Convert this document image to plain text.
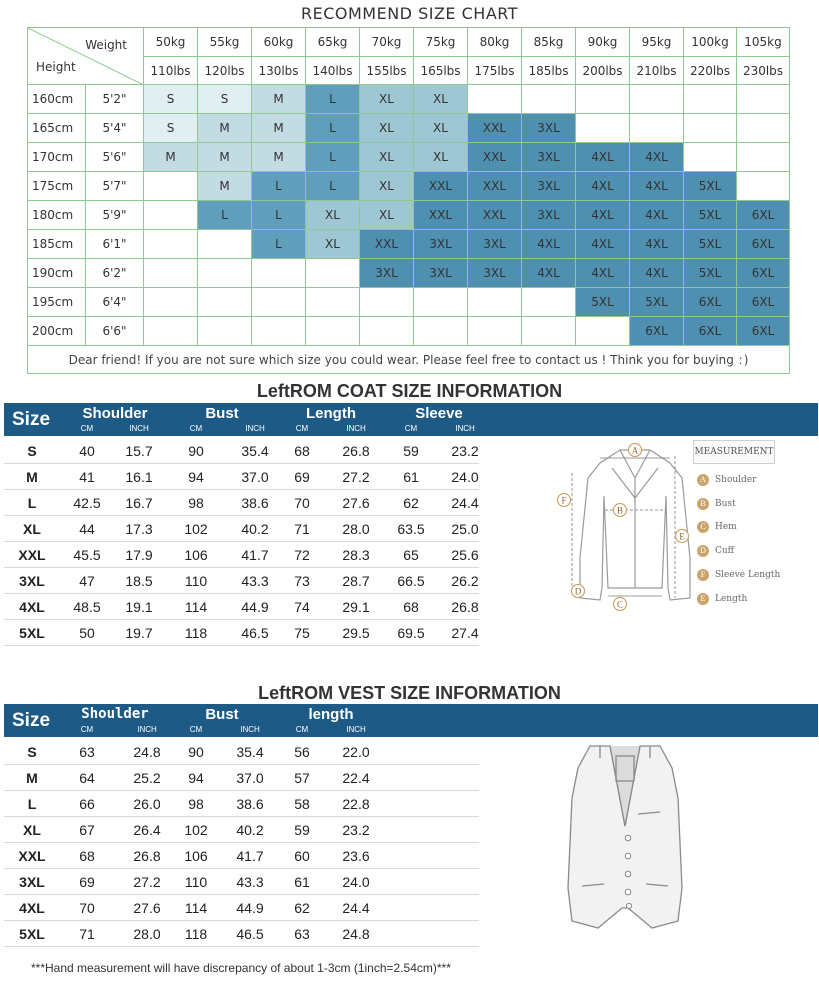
RECOMMEND SIZE CHART
Weight
Height		50kg	55kg	60kg	65kg	70kg	75kg	80kg	85kg	90kg	95kg	100kg	105kg
		110lbs	120lbs	130lbs	140lbs	155lbs	165lbs	175lbs	185lbs	200lbs	210lbs	220lbs	230lbs
160cm	5'2"	S	S	M	L	XL	XL						
165cm	5'4"	S	M	M	L	XL	XL	XXL	3XL				
170cm	5'6"	M	M	M	L	XL	XL	XXL	3XL	4XL	4XL		
175cm	5'7"		M	L	L	XL	XXL	XXL	3XL	4XL	4XL	5XL	
180cm	5'9"		L	L	XL	XL	XXL	XXL	3XL	4XL	4XL	5XL	6XL
185cm	6'1"			L	XL	XXL	3XL	3XL	4XL	4XL	4XL	5XL	6XL
190cm	6'2"					3XL	3XL	3XL	4XL	4XL	4XL	5XL	6XL
195cm	6'4"									5XL	5XL	6XL	6XL
200cm	6'6"										6XL	6XL	6XL
Dear friend! If you are not sure which size you could wear. Please feel free to contact us ! Think you for buying ：)													
LeftROM COAT SIZE INFORMATION
Size	Shoulder
CM	INCH
Bust
CM	INCH
Length
CM	INCH
Sleeve
CM	INCH
S	40	15.7	90	35.4	68	26.8	59	23.2
M	41	16.1	94	37.0	69	27.2	61	24.0
L	42.5	16.7	98	38.6	70	27.6	62	24.4
XL	44	17.3	102	40.2	71	28.0	63.5	25.0
XXL	45.5	17.9	106	41.7	72	28.3	65	25.6
3XL	47	18.5	110	43.3	73	28.7	66.5	26.2
4XL	48.5	19.1	114	44.9	74	29.1	68	26.8
5XL	50	19.7	118	46.5	75	29.5	69.5	27.4
A
B
C
D
E
F
MEASUREMENT
A Shoulder
B Bust
C Hem
D Cuff
F Sleeve Length
E Length
LeftROM VEST SIZE INFORMATION
Size	Shoulder
CM	INCH
Bust
CM	INCH
length
CM	INCH
S	63	24.8	90	35.4	56	22.0
M	64	25.2	94	37.0	57	22.4
L	66	26.0	98	38.6	58	22.8
XL	67	26.4	102	40.2	59	23.2
XXL	68	26.8	106	41.7	60	23.6
3XL	69	27.2	110	43.3	61	24.0
4XL	70	27.6	114	44.9	62	24.4
5XL	71	28.0	118	46.5	63	24.8
***Hand measurement will have discrepancy of about 1-3cm (1inch=2.54cm)***
